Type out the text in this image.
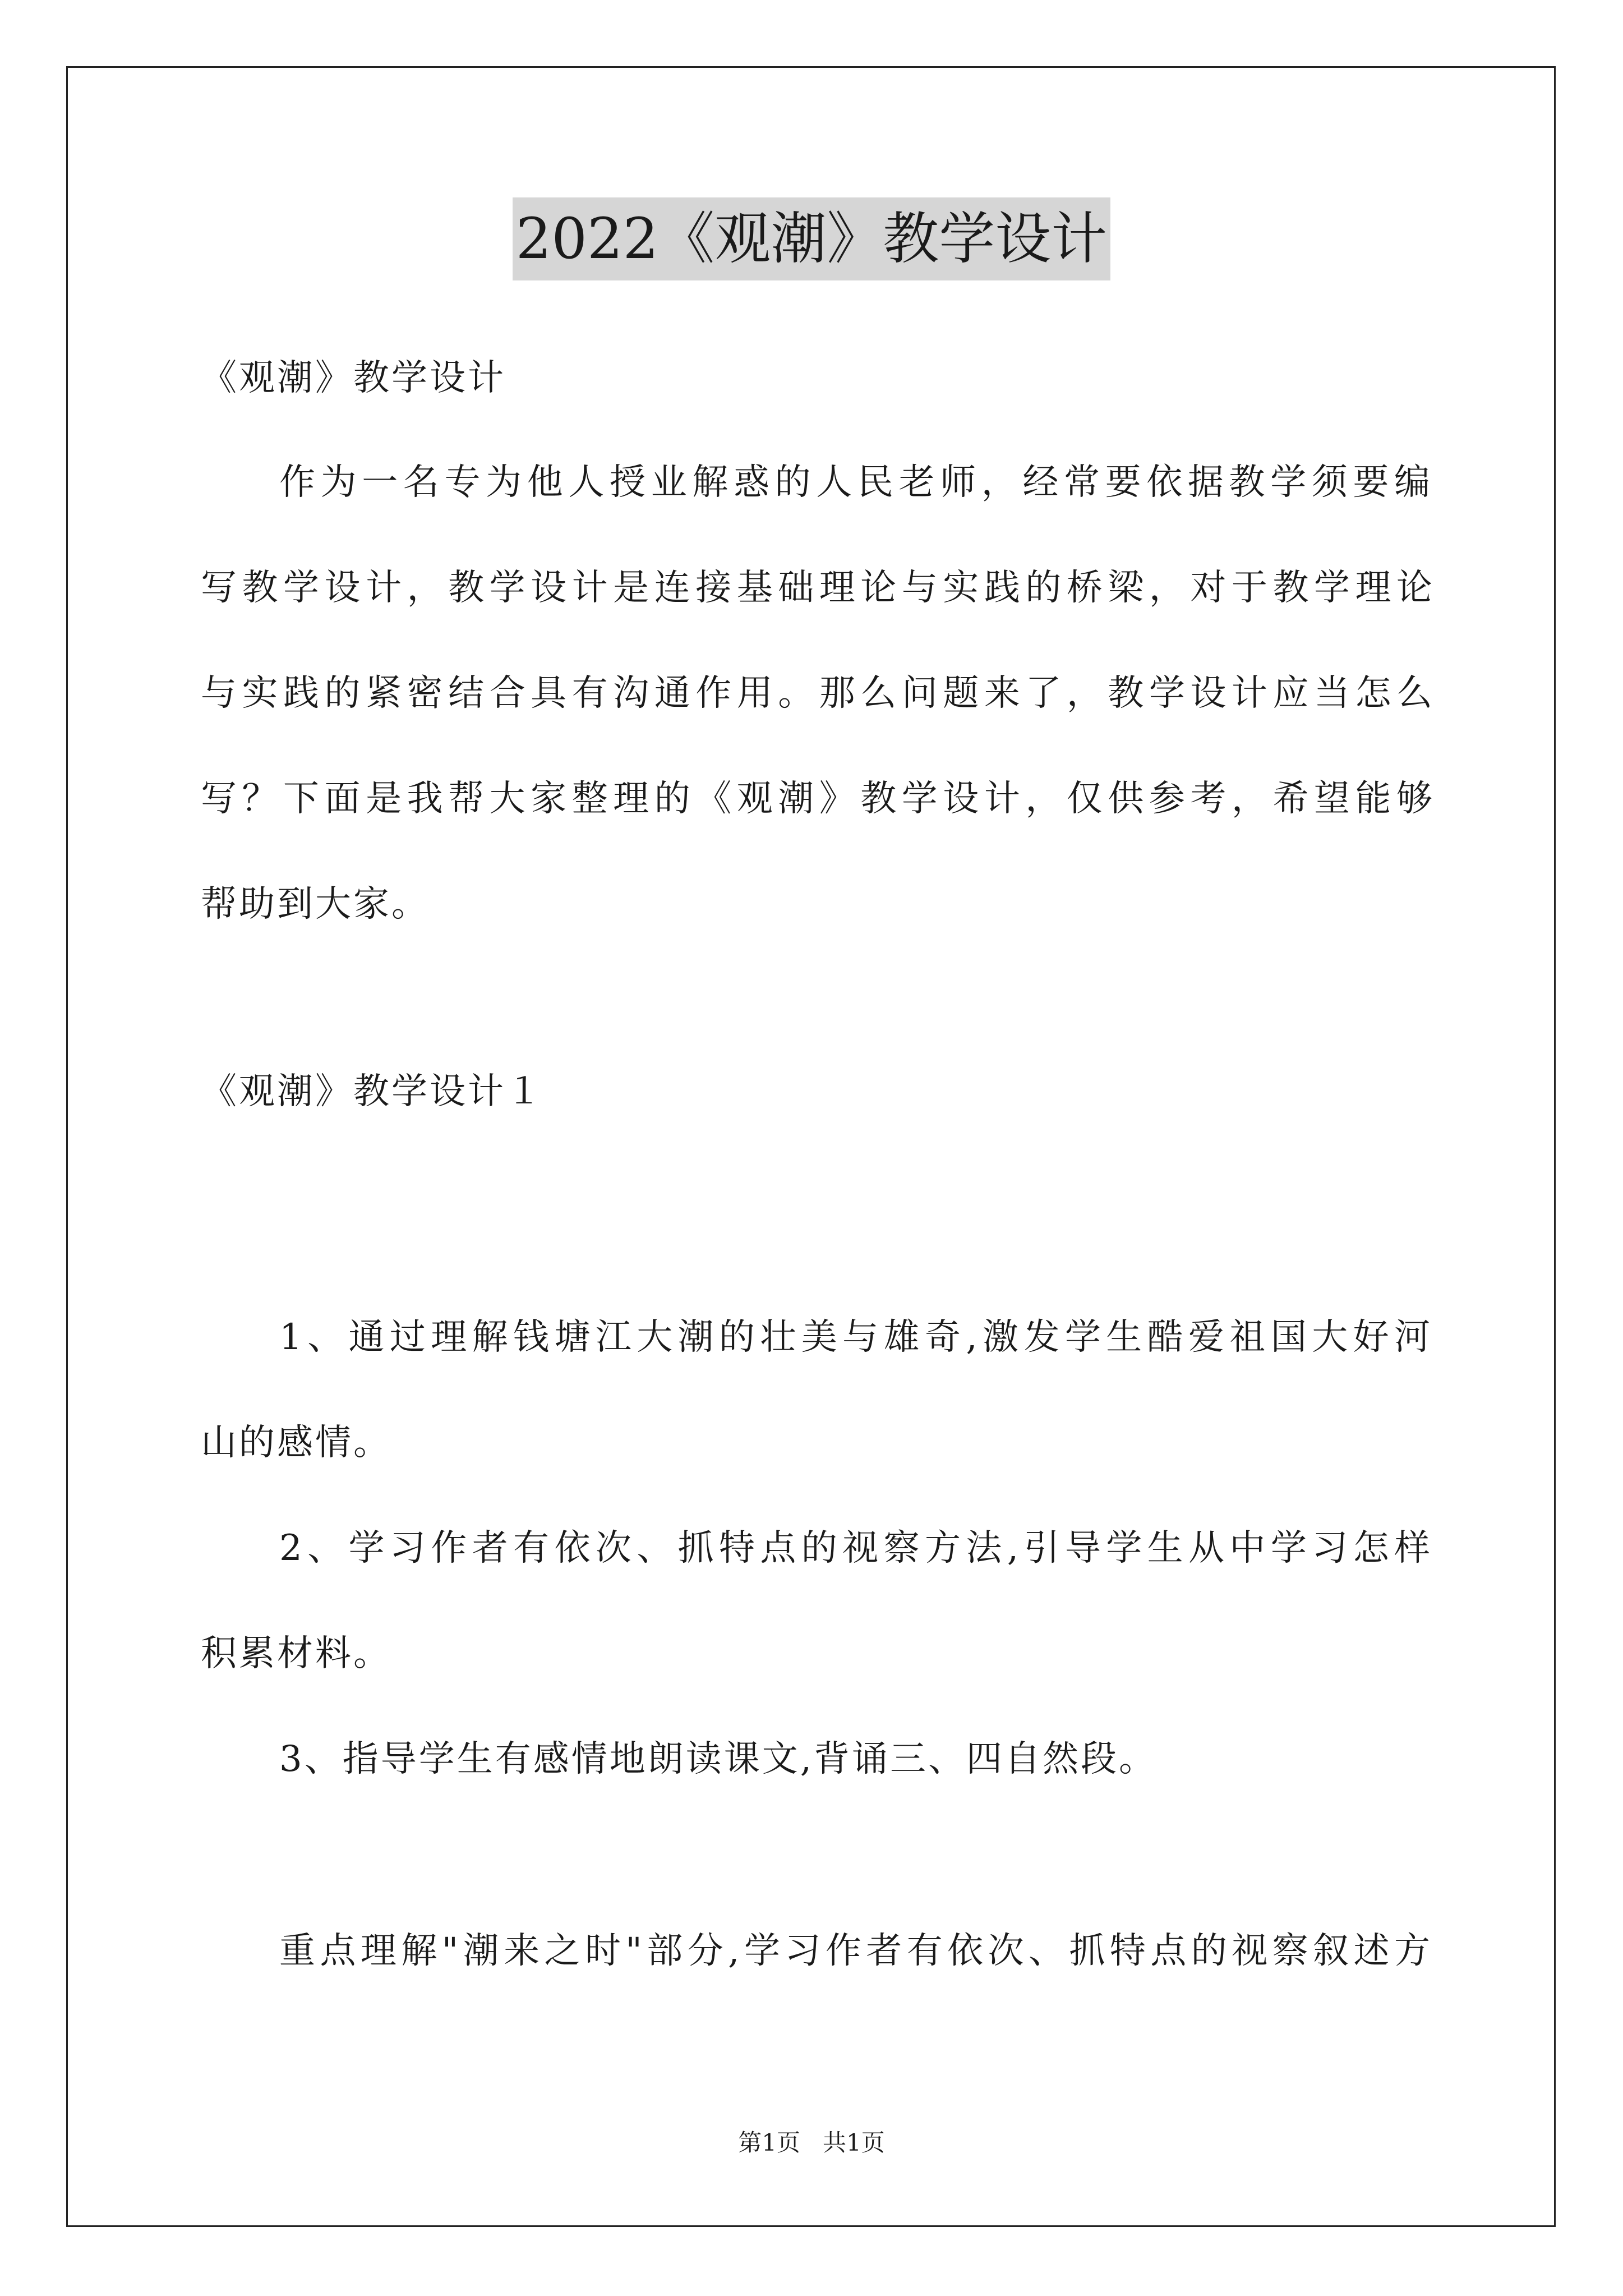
2022《观潮》教学设计
《观潮》教学设计
作为一名专为他人授业解惑的人民老师，经常要依据教学须要编
写教学设计，教学设计是连接基础理论与实践的桥梁，对于教学理论
与实践的紧密结合具有沟通作用。那么问题来了，教学设计应当怎么
写？下面是我帮大家整理的《观潮》教学设计，仅供参考，希望能够
帮助到大家。
《观潮》教学设计１
1、通过理解钱塘江大潮的壮美与雄奇,激发学生酷爱祖国大好河
山的感情。
2、学习作者有依次、抓特点的视察方法,引导学生从中学习怎样
积累材料。
3、指导学生有感情地朗读课文,背诵三、四自然段。
重点理解"潮来之时"部分,学习作者有依次、抓特点的视察叙述方
第1页   共1页
